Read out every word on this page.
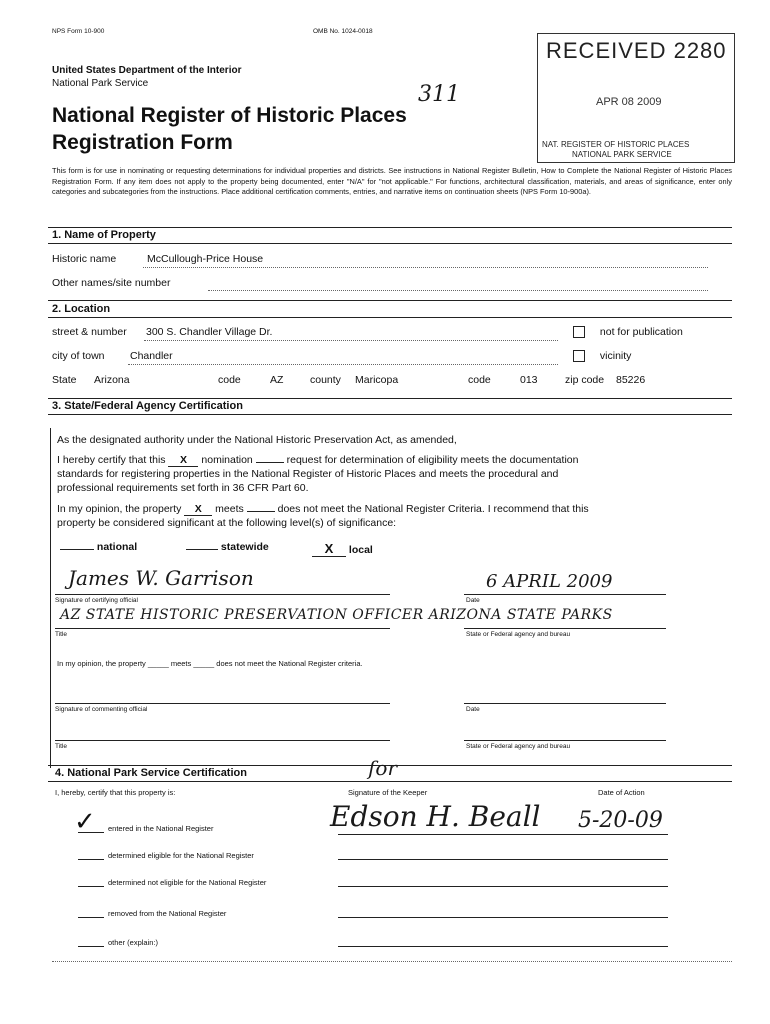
NPS Form 10-900	OMB No. 1024-0018
United States Department of the Interior
National Park Service
National Register of Historic Places
Registration Form
311
RECEIVED 2280
APR 08 2009
NAT. REGISTER OF HISTORIC PLACES
NATIONAL PARK SERVICE
This form is for use in nominating or requesting determinations for individual properties and districts. See instructions in National Register Bulletin, How to Complete the National Register of Historic Places Registration Form. If any item does not apply to the property being documented, enter "N/A" for "not applicable." For functions, architectural classification, materials, and areas of significance, enter only categories and subcategories from the instructions. Place additional certification comments, entries, and narrative items on continuation sheets (NPS Form 10-900a).
1. Name of Property
Historic name	McCullough-Price House
Other names/site number
2. Location
street & number 300 S. Chandler Village Dr.	not for publication
city of town Chandler	vicinity
State Arizona	code	AZ	county Maricopa	code	013	zip code 85226
3. State/Federal Agency Certification
As the designated authority under the National Historic Preservation Act, as amended,
I hereby certify that this X nomination	request for determination of eligibility meets the documentation
standards for registering properties in the National Register of Historic Places and meets the procedural and
professional requirements set forth in 36 CFR Part 60.
In my opinion, the property X meets	does not meet the National Register Criteria. I recommend that this
property be considered significant at the following level(s) of significance:
national	statewide	X local
James W. Garrison	6 APRIL 2009
Signature of certifying official	Date
AZ STATE HISTORIC PRESERVATION OFFICER ARIZONA STATE PARKS
Title	State or Federal agency and bureau
In my opinion, the property _____ meets _____ does not meet the National Register criteria.
Signature of commenting official	Date
Title	State or Federal agency and bureau
4. National Park Service Certification
I, hereby, certify that this property is:
for
Signature of the Keeper	Date of Action
Edson H. Beall 5-20-09
✓ entered in the National Register
determined eligible for the National Register
determined not eligible for the National Register
removed from the National Register
other (explain:)
